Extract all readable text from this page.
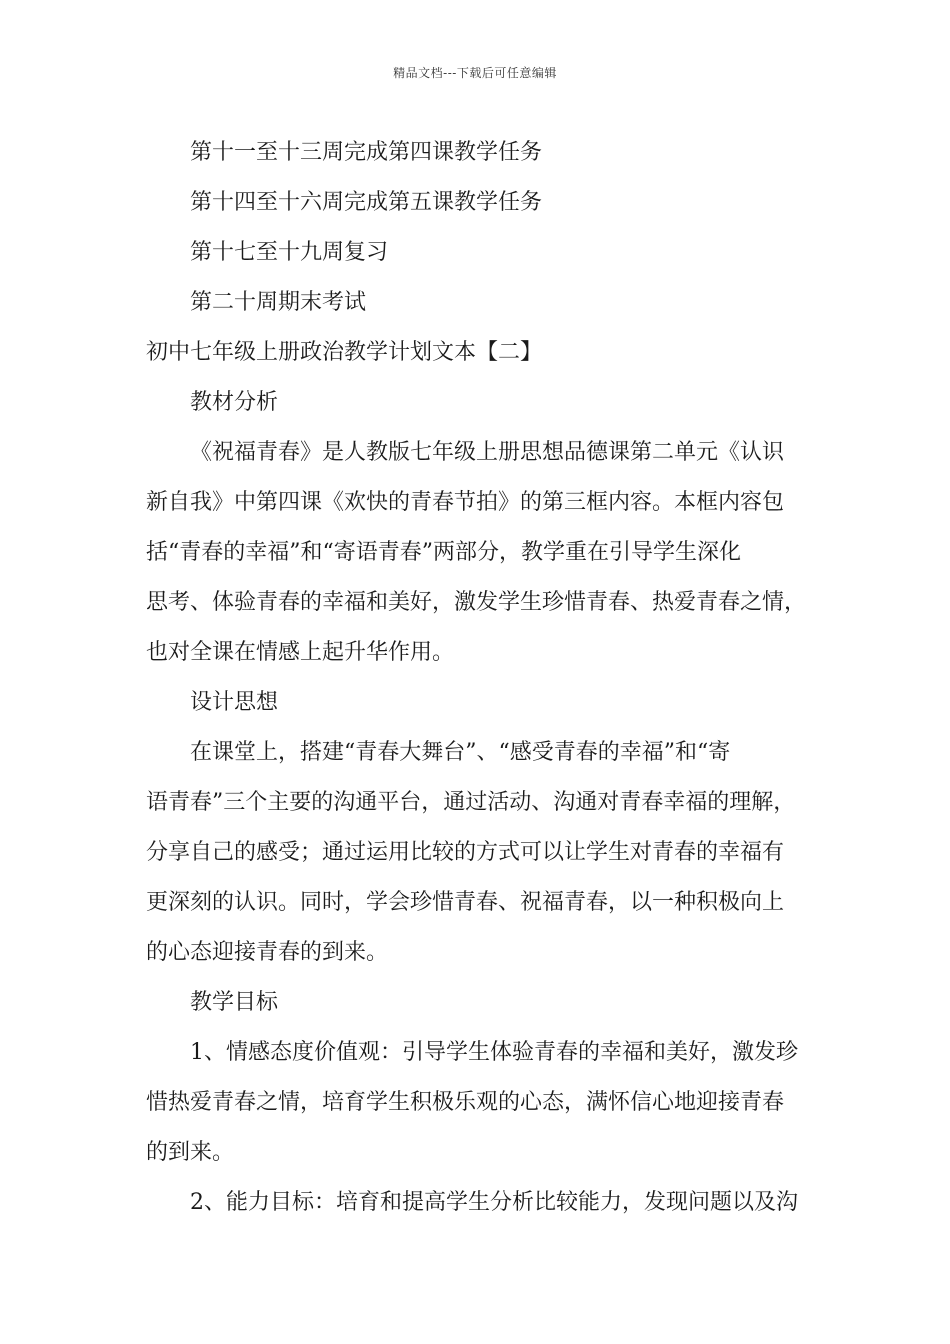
精品文档---下载后可任意编辑
第十一至十三周完成第四课教学任务
第十四至十六周完成第五课教学任务
第十七至十九周复习
第二十周期末考试
初中七年级上册政治教学计划文本【二】
教材分析
《祝福青春》是人教版七年级上册思想品德课第二单元《认识
新自我》中第四课《欢快的青春节拍》的第三框内容。本框内容包
括“青春的幸福”和“寄语青春”两部分，教学重在引导学生深化
思考、体验青春的幸福和美好，激发学生珍惜青春、热爱青春之情，
也对全课在情感上起升华作用。
设计思想
在课堂上，搭建“青春大舞台”、“感受青春的幸福”和“寄
语青春”三个主要的沟通平台，通过活动、沟通对青春幸福的理解，
分享自己的感受；通过运用比较的方式可以让学生对青春的幸福有
更深刻的认识。同时，学会珍惜青春、祝福青春，以一种积极向上
的心态迎接青春的到来。
教学目标
1、情感态度价值观：引导学生体验青春的幸福和美好，激发珍
惜热爱青春之情，培育学生积极乐观的心态，满怀信心地迎接青春
的到来。
2、能力目标：培育和提高学生分析比较能力，发现问题以及沟
